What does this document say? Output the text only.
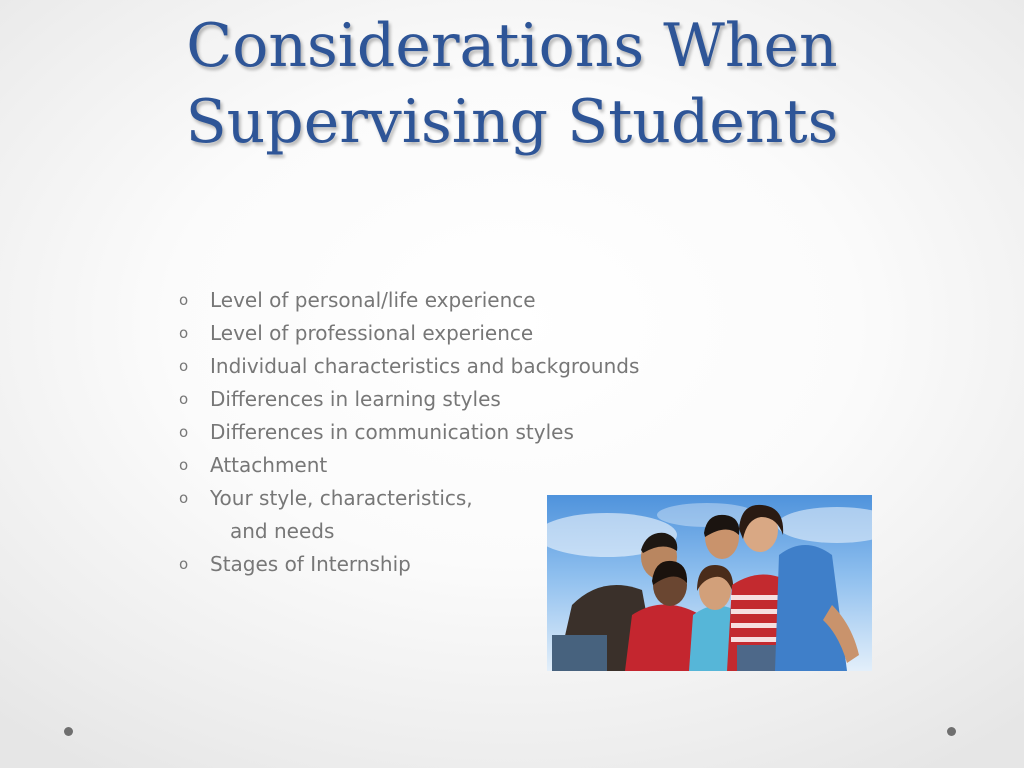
Considerations When
Supervising Students
o	Level of personal/life experience
o	Level of professional experience
o	Individual characteristics and backgrounds
o	Differences in learning styles
o	Differences in communication styles
o	Attachment
o	Your style, characteristics,
and needs
o	Stages of Internship
